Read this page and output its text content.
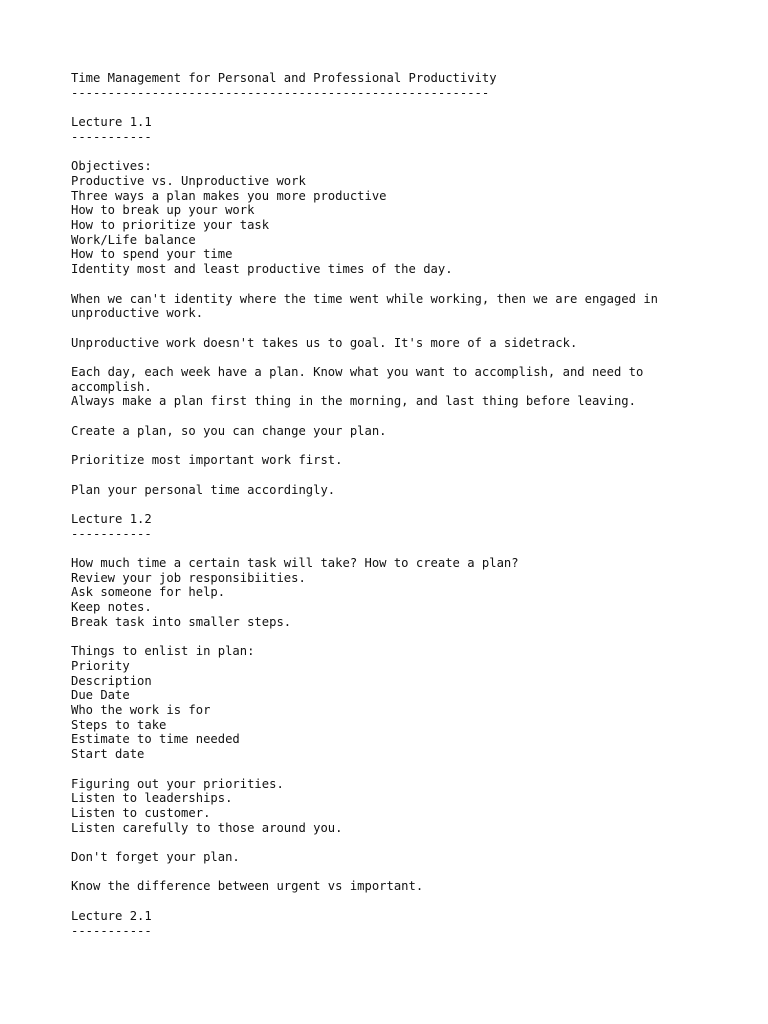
Time Management for Personal and Professional Productivity
---------------------------------------------------------
Lecture 1.1
-----------
Objectives:
Productive vs. Unproductive work
Three ways a plan makes you more productive
How to break up your work
How to prioritize your task
Work/Life balance
How to spend your time
Identity most and least productive times of the day.
When we can't identity where the time went while working, then we are engaged in
unproductive work.
Unproductive work doesn't takes us to goal. It's more of a sidetrack.
Each day, each week have a plan. Know what you want to accomplish, and need to
accomplish.
Always make a plan first thing in the morning, and last thing before leaving.
Create a plan, so you can change your plan.
Prioritize most important work first.
Plan your personal time accordingly.
Lecture 1.2
-----------
How much time a certain task will take? How to create a plan?
Review your job responsibiities.
Ask someone for help.
Keep notes.
Break task into smaller steps.
Things to enlist in plan:
Priority
Description
Due Date
Who the work is for
Steps to take
Estimate to time needed
Start date
Figuring out your priorities.
Listen to leaderships.
Listen to customer.
Listen carefully to those around you.
Don't forget your plan.
Know the difference between urgent vs important.
Lecture 2.1
-----------
